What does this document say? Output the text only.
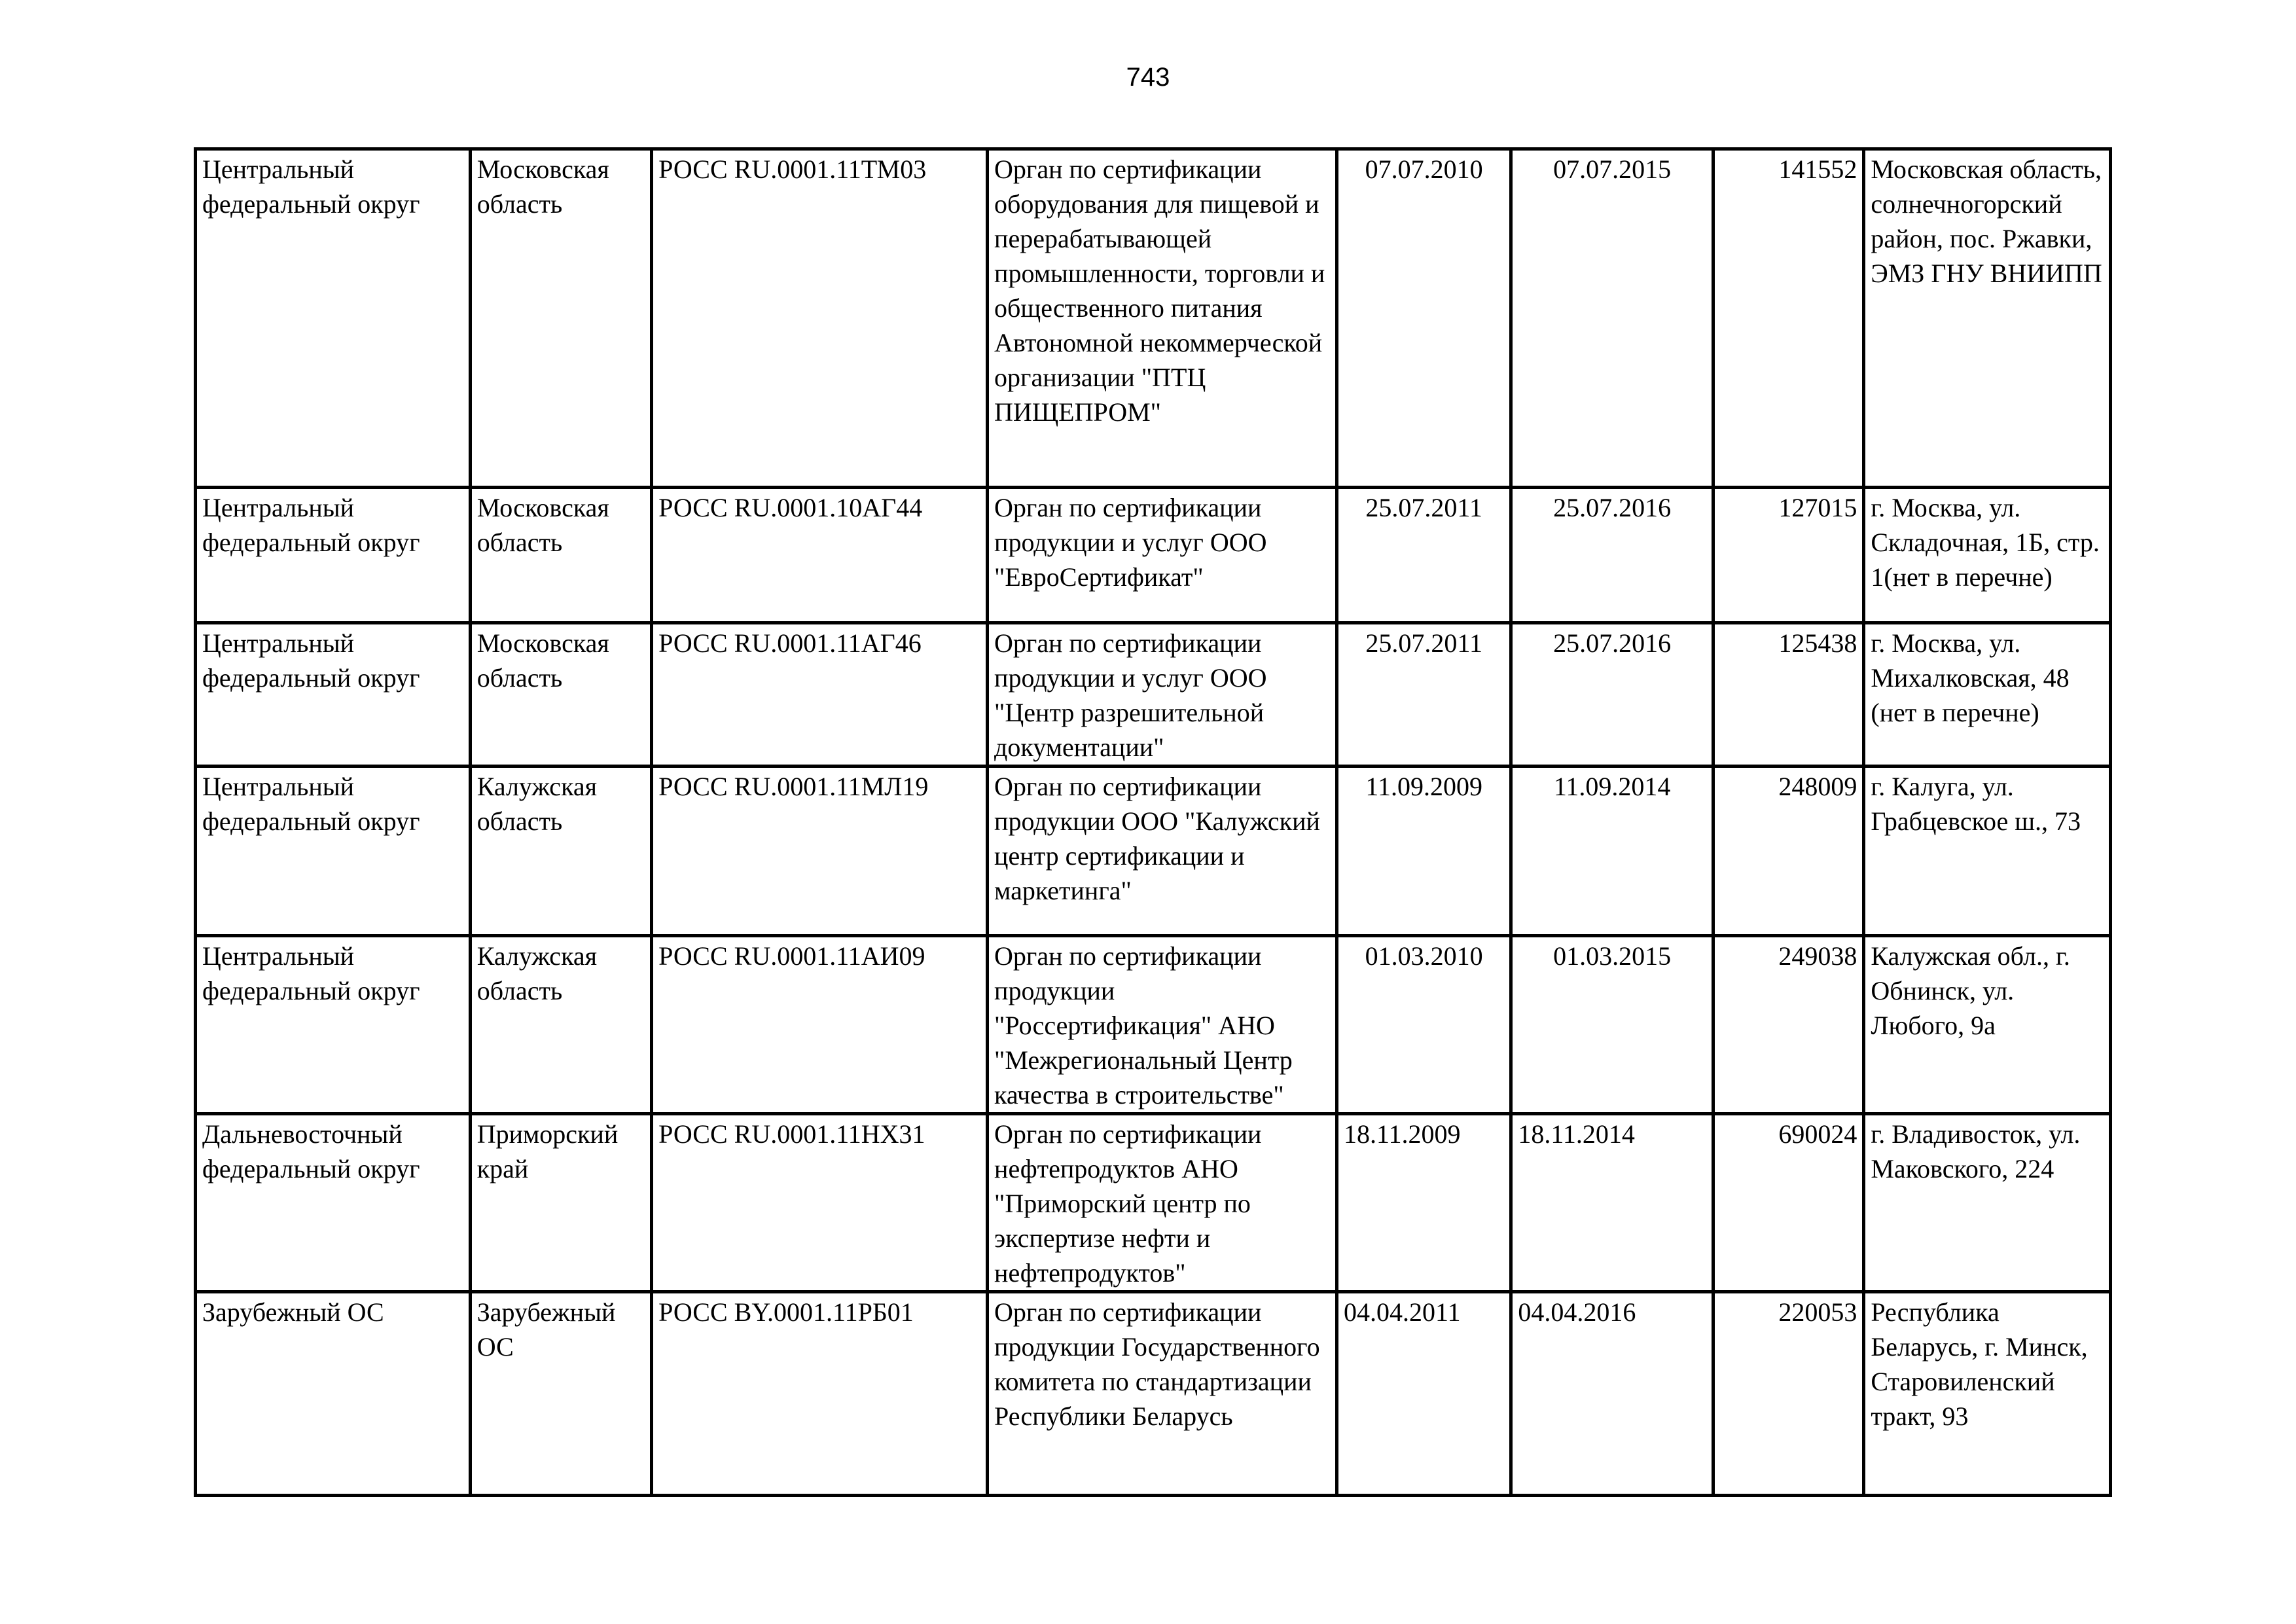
743
Центральный федеральный округ	Московская область	РОСС RU.0001.11ТМ03	Орган по сертификации оборудования для пищевой и перерабатывающей промышленности, торговли и общественного питания Автономной некоммерческой организации "ПТЦ ПИЩЕПРОМ"	07.07.2010	07.07.2015	141552	Московская область, солнечногорский район, пос. Ржавки, ЭМЗ ГНУ ВНИИПП
Центральный федеральный округ	Московская область	РОСС RU.0001.10АГ44	Орган по сертификации продукции и услуг ООО "ЕвроСертификат"	25.07.2011	25.07.2016	127015	г. Москва, ул. Складочная, 1Б, стр. 1(нет в перечне)
Центральный федеральный округ	Московская область	РОСС RU.0001.11АГ46	Орган по сертификации продукции и услуг ООО "Центр разрешительной документации"	25.07.2011	25.07.2016	125438	г. Москва, ул. Михалковская, 48 (нет в перечне)
Центральный федеральный округ	Калужская область	РОСС RU.0001.11МЛ19	Орган по сертификации продукции ООО "Калужский центр сертификации и маркетинга"	11.09.2009	11.09.2014	248009	г. Калуга, ул. Грабцевское ш., 73
Центральный федеральный округ	Калужская область	РОСС RU.0001.11АИ09	Орган по сертификации продукции "Россертификация" АНО "Межрегиональный Центр качества в строительстве"	01.03.2010	01.03.2015	249038	Калужская обл., г. Обнинск, ул. Любого, 9а
Дальневосточный федеральный округ	Приморский край	РОСС RU.0001.11НХ31	Орган по сертификации нефтепродуктов АНО "Приморский центр по экспертизе нефти и нефтепродуктов"	18.11.2009	18.11.2014	690024	г. Владивосток, ул. Маковского, 224
Зарубежный ОС	Зарубежный ОС	РОСС BY.0001.11РБ01	Орган по сертификации продукции Государственного комитета по стандартизации Республики Беларусь	04.04.2011	04.04.2016	220053	Республика Беларусь, г. Минск, Старовиленский тракт, 93
